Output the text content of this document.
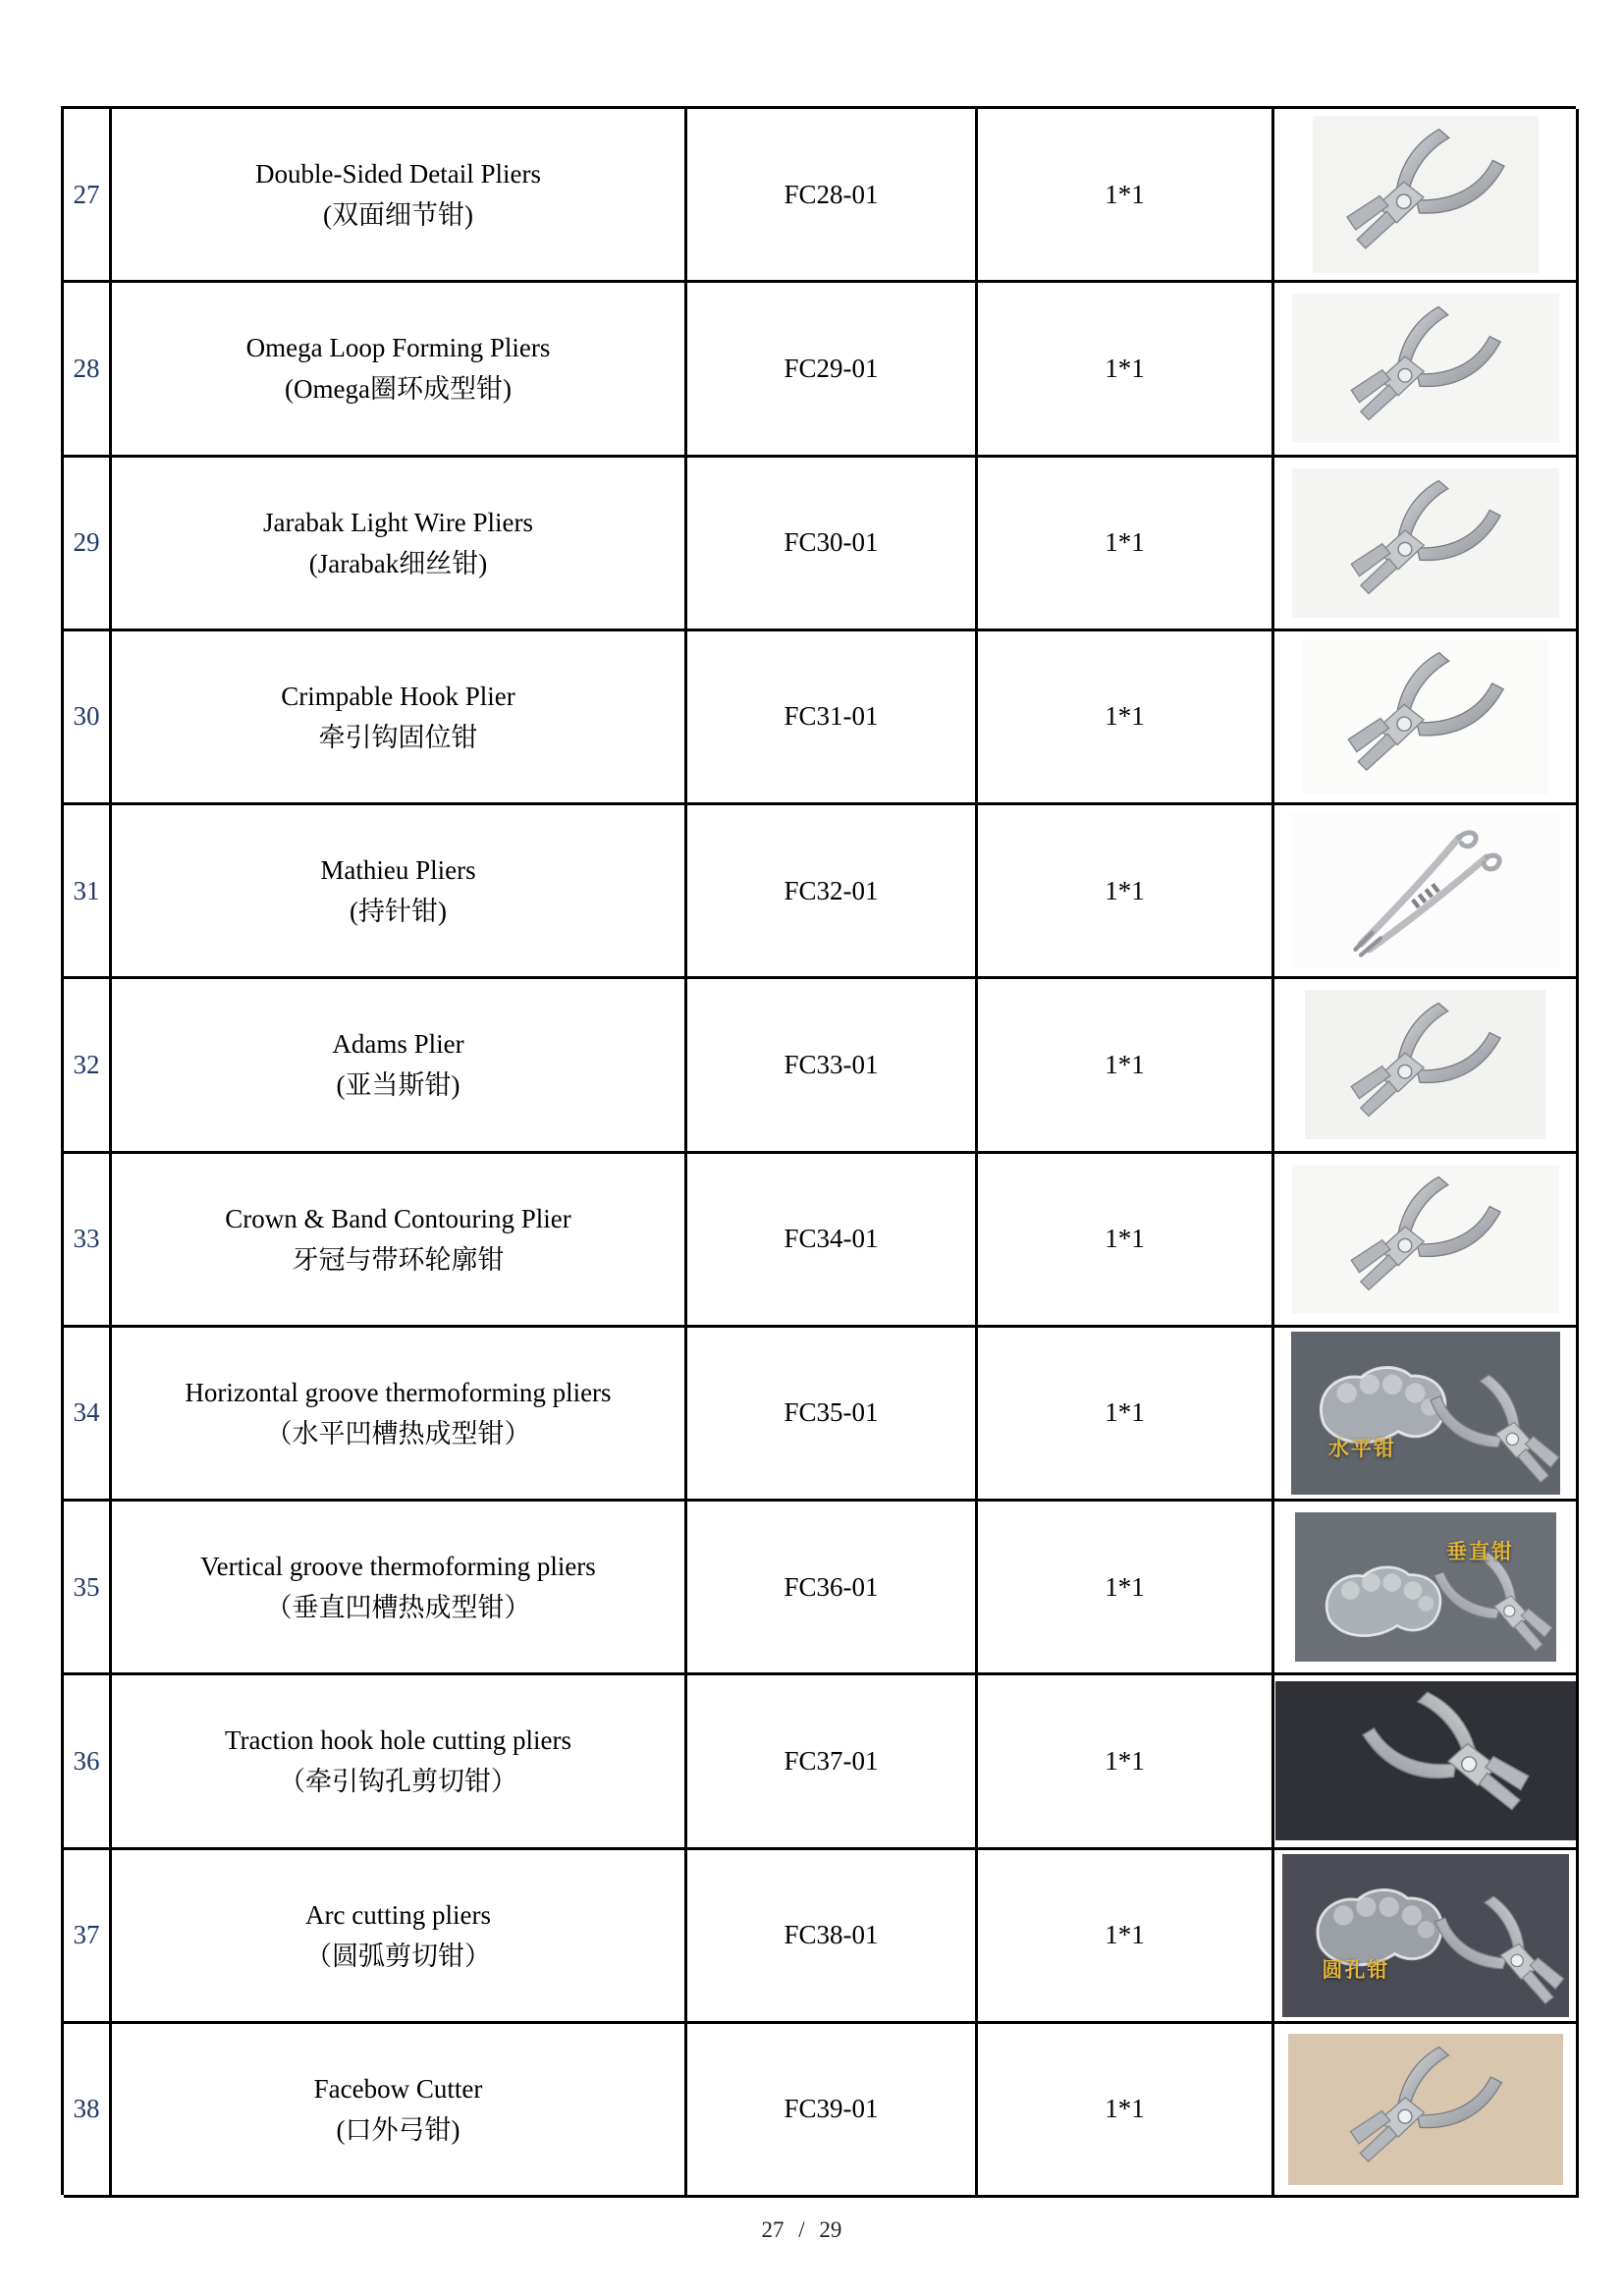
27
Double-Sided Detail Pliers
(双面细节钳)
FC28-01	1*1
28
Omega Loop Forming Pliers
(Omega圈环成型钳)
FC29-01	1*1
29
Jarabak Light Wire Pliers
(Jarabak细丝钳)
FC30-01	1*1
30
Crimpable Hook Plier
牵引钩固位钳
FC31-01	1*1
31
Mathieu Pliers
(持针钳)
FC32-01	1*1
32
Adams Plier
(亚当斯钳)
FC33-01	1*1
33
Crown & Band Contouring Plier
牙冠与带环轮廓钳
FC34-01	1*1
34
Horizontal groove thermoforming pliers
（水平凹槽热成型钳）
FC35-01	1*1
水平钳
35
Vertical groove thermoforming pliers
（垂直凹槽热成型钳）
FC36-01	1*1
垂直钳
36
Traction hook hole cutting pliers
（牵引钩孔剪切钳）
FC37-01	1*1
37
Arc cutting pliers
（圆弧剪切钳）
FC38-01	1*1
圆孔钳
38
Facebow Cutter
(口外弓钳)
FC39-01	1*1
27 / 29
